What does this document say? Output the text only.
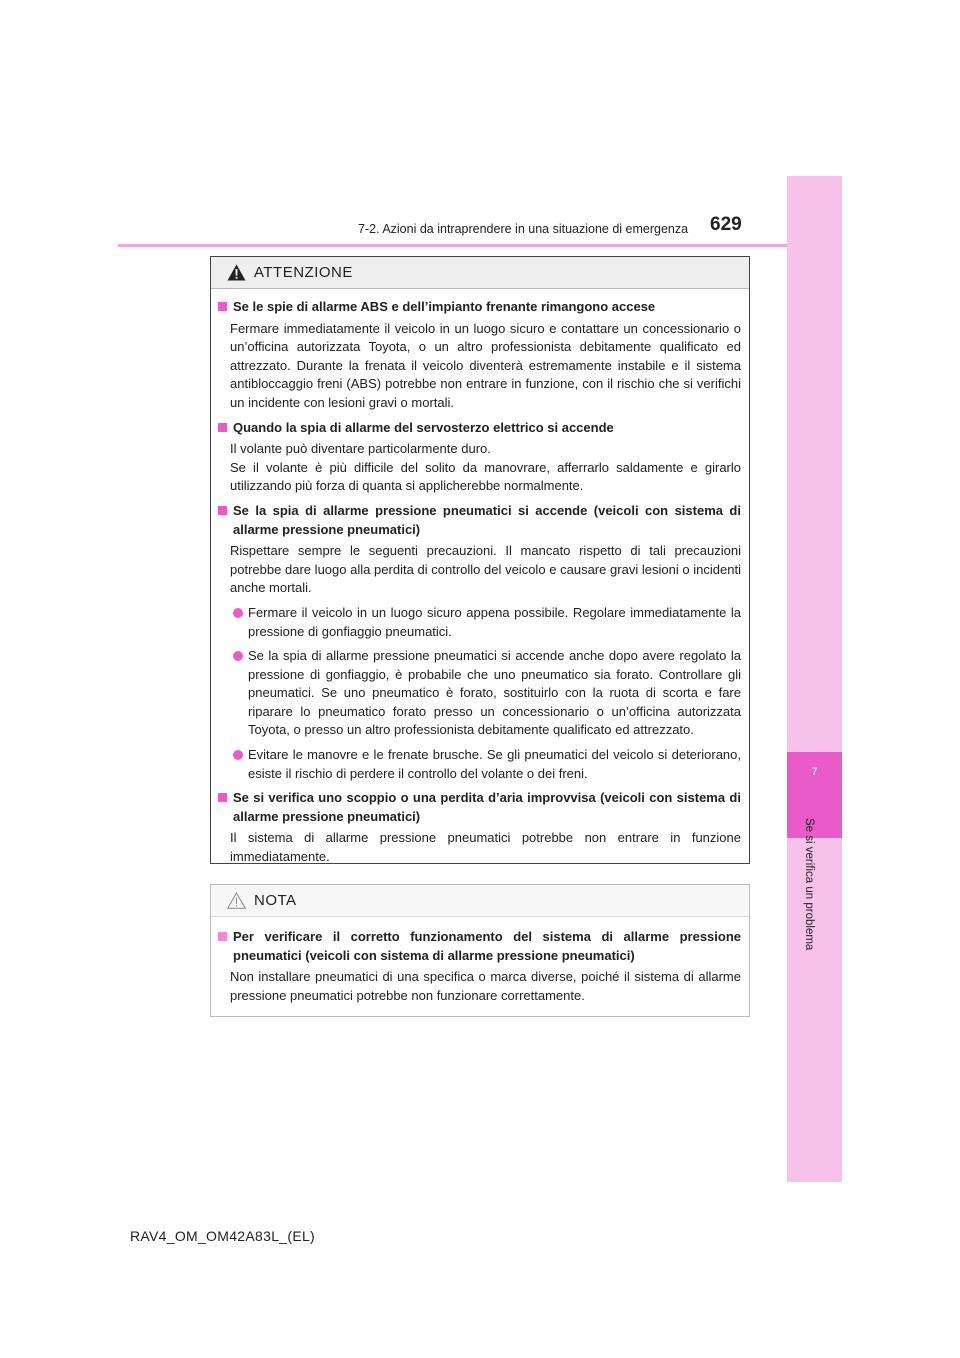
7-2. Azioni da intraprendere in una situazione di emergenza	629
7
Se si verifica un problema
ATTENZIONE
Se le spie di allarme ABS e dell’impianto frenante rimangono accese
Fermare immediatamente il veicolo in un luogo sicuro e contattare un concessionario o un’officina autorizzata Toyota, o un altro professionista debitamente qualificato ed attrezzato. Durante la frenata il veicolo diventerà estremamente instabile e il sistema antibloccaggio freni (ABS) potrebbe non entrare in funzione, con il rischio che si verifichi un incidente con lesioni gravi o mortali.
Quando la spia di allarme del servosterzo elettrico si accende
Il volante può diventare particolarmente duro.
Se il volante è più difficile del solito da manovrare, afferrarlo saldamente e girarlo utilizzando più forza di quanta si applicherebbe normalmente.
Se la spia di allarme pressione pneumatici si accende (veicoli con sistema di allarme pressione pneumatici)
Rispettare sempre le seguenti precauzioni. Il mancato rispetto di tali precauzioni potrebbe dare luogo alla perdita di controllo del veicolo e causare gravi lesioni o incidenti anche mortali.
Fermare il veicolo in un luogo sicuro appena possibile. Regolare immediatamente la pressione di gonfiaggio pneumatici.
Se la spia di allarme pressione pneumatici si accende anche dopo avere regolato la pressione di gonfiaggio, è probabile che uno pneumatico sia forato. Controllare gli pneumatici. Se uno pneumatico è forato, sostituirlo con la ruota di scorta e fare riparare lo pneumatico forato presso un concessionario o un’officina autorizzata Toyota, o presso un altro professionista debitamente qualificato ed attrezzato.
Evitare le manovre e le frenate brusche. Se gli pneumatici del veicolo si deteriorano, esiste il rischio di perdere il controllo del volante o dei freni.
Se si verifica uno scoppio o una perdita d’aria improvvisa (veicoli con sistema di allarme pressione pneumatici)
Il sistema di allarme pressione pneumatici potrebbe non entrare in funzione immediatamente.
NOTA
Per verificare il corretto funzionamento del sistema di allarme pressione pneumatici (veicoli con sistema di allarme pressione pneumatici)
Non installare pneumatici di una specifica o marca diverse, poiché il sistema di allarme pressione pneumatici potrebbe non funzionare correttamente.
RAV4_OM_OM42A83L_(EL)
